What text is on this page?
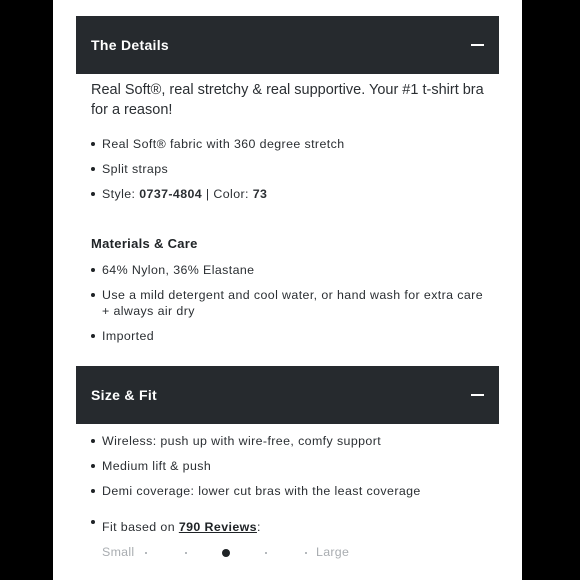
The Details

Real Soft®, real stretchy & real supportive. Your #1 t-shirt bra for a reason!

Real Soft® fabric with 360 degree stretch
Split straps
Style: 0737-4804 | Color: 73
Materials & Care
64% Nylon, 36% Elastane
Use a mild detergent and cool water, or hand wash for extra care + always air dry
Imported
Size & Fit
Wireless: push up with wire-free, comfy support
Medium lift & push
Demi coverage: lower cut bras with the least coverage
Fit based on 790 Reviews:
Small	Large
